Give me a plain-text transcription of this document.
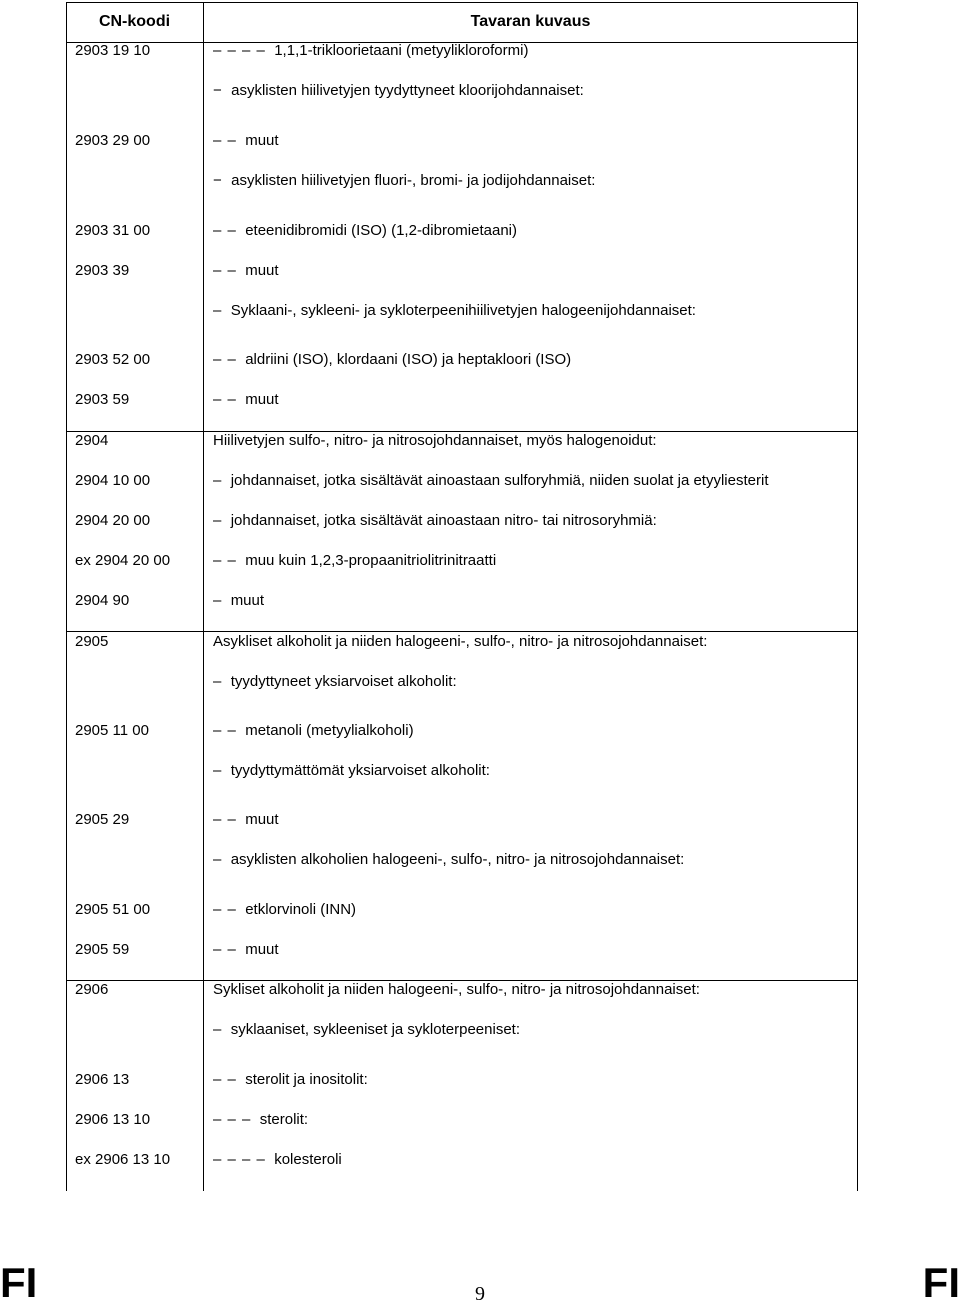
CN-koodi	Tavaran kuvaus
2903 19 10	– – – – 1,1,1-trikloorietaani (metyylikloroformi)
− asyklisten hiilivetyjen tyydyttyneet kloorijohdannaiset:
2903 29 00	– – muut
− asyklisten hiilivetyjen fluori-, bromi- ja jodijohdannaiset:
2903 31 00	– – eteenidibromidi (ISO) (1,2-dibromietaani)
2903 39	– – muut
– Syklaani-, sykleeni- ja sykloterpeenihiilivetyjen halogeenijohdannaiset:
2903 52 00	– – aldriini (ISO), klordaani (ISO) ja heptakloori (ISO)
2903 59	– – muut
2904	Hiilivetyjen sulfo-, nitro- ja nitrosojohdannaiset, myös halogenoidut:
2904 10 00	– johdannaiset, jotka sisältävät ainoastaan sulforyhmiä, niiden suolat ja etyyliesterit
2904 20 00	– johdannaiset, jotka sisältävät ainoastaan nitro- tai nitrosoryhmiä:
ex 2904 20 00	– – muu kuin 1,2,3-propaanitriolitrinitraatti
2904 90	– muut
2905	Asykliset alkoholit ja niiden halogeeni-, sulfo-, nitro- ja nitrosojohdannaiset:
– tyydyttyneet yksiarvoiset alkoholit:
2905 11 00	– – metanoli (metyylialkoholi)
– tyydyttymättömät yksiarvoiset alkoholit:
2905 29	– – muut
– asyklisten alkoholien halogeeni-, sulfo-, nitro- ja nitrosojohdannaiset:
2905 51 00	– – etklorvinoli (INN)
2905 59	– – muut
2906	Sykliset alkoholit ja niiden halogeeni-, sulfo-, nitro- ja nitrosojohdannaiset:
– syklaaniset, sykleeniset ja sykloterpeeniset:
2906 13	– – sterolit ja inositolit:
2906 13 10	– – – sterolit:
ex 2906 13 10	– – – – kolesteroli
FI	9	FI
